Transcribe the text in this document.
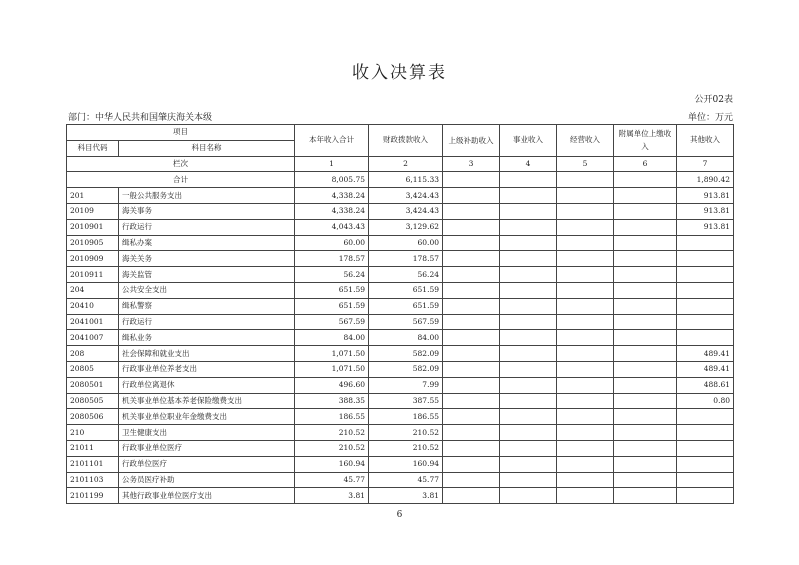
收入决算表
公开02表
部门：中华人民共和国肇庆海关本级	单位：万元
项目		本年收入合计	财政拨款收入	上级补助收入	事业收入	经营收入	附属单位上缴收入	其他收入
科目代码	科目名称							
栏次		1	2	3	4	5	6	7
合计		8,005.75	6,115.33					1,890.42
201	一般公共服务支出	4,338.24	3,424.43					913.81
20109	海关事务	4,338.24	3,424.43					913.81
2010901	行政运行	4,043.43	3,129.62					913.81
2010905	缉私办案	60.00	60.00					
2010909	海关关务	178.57	178.57					
2010911	海关监管	56.24	56.24					
204	公共安全支出	651.59	651.59					
20410	缉私警察	651.59	651.59					
2041001	行政运行	567.59	567.59					
2041007	缉私业务	84.00	84.00					
208	社会保障和就业支出	1,071.50	582.09					489.41
20805	行政事业单位养老支出	1,071.50	582.09					489.41
2080501	行政单位离退休	496.60	7.99					488.61
2080505	机关事业单位基本养老保险缴费支出	388.35	387.55					0.80
2080506	机关事业单位职业年金缴费支出	186.55	186.55					
210	卫生健康支出	210.52	210.52					
21011	行政事业单位医疗	210.52	210.52					
2101101	行政单位医疗	160.94	160.94					
2101103	公务员医疗补助	45.77	45.77					
2101199	其他行政事业单位医疗支出	3.81	3.81					
6
